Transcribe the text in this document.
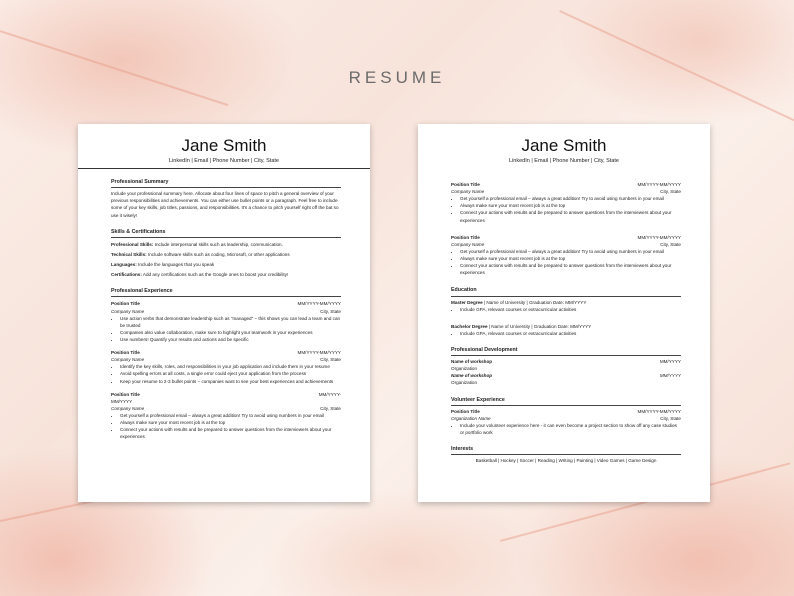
RESUME
Jane Smith
LinkedIn | Email | Phone Number | City, State
Professional Summary

Include your professional summary here. Allocate about four lines of space to pitch a general overview of your previous responsibilities and achievements. You can either use bullet points or a paragraph. Feel free to include some of your key skills, job titles, passions, and responsibilities. It's a chance to pitch yourself right off the bat so use it wisely!

Skills & Certifications
Professional Skills: Include interpersonal skills such as leadership, communication.
Technical Skills: Include software skills such as coding, Microsoft, or other applications
Languages: Include the languages that you speak
Certifications: Add any certifications such as the Google ones to boost your credibility!
Professional Experience
Position Title	MM/YYYY-MM/YYYY
Company Name	City, State
• Use action verbs that demonstrate leadership such as "managed" – this shows you can lead a team and can be trusted
• Companies also value collaboration, make sure to highlight your teamwork in your experiences
• Use numbers! Quantify your results and actions and be specific
Position Title	MM/YYYY-MM/YYYY
Company Name	City, State
• Identify the key skills, roles, and responsibilities in your job application and include them in your resume
• Avoid spelling errors at all costs, a single error could eject your application from the process
• Keep your resume to 2-3 bullet points – companies want to see your best experiences and achievements
Position Title	MM/YYYY-
MM/YYYY
Company Name	City, State
• Get yourself a professional email – always a great addition! Try to avoid using numbers in your email
• Always make sure your most recent job is at the top
• Connect your actions with results and be prepared to answer questions from the interviewers about your experiences
Jane Smith
LinkedIn | Email | Phone Number | City, State
Position Title	MM/YYYY-MM/YYYY
Company Name	City, State
• Get yourself a professional email – always a great addition! Try to avoid using numbers in your email
• Always make sure your most recent job is at the top
• Connect your actions with results and be prepared to answer questions from the interviewers about your experiences
Position Title	MM/YYYY-MM/YYYY
Company Name	City, State
• Get yourself a professional email – always a great addition! Try to avoid using numbers in your email
• Always make sure your most recent job is at the top
• Connect your actions with results and be prepared to answer questions from the interviewers about your experiences
Education
Master Degree | Name of University | Graduation Date: MM/YYYY
• Include GPA, relevant courses or extracurricular activities
Bachelor Degree | Name of University | Graduation Date: MM/YYYY
• Include GPA, relevant courses or extracurricular activities
Professional Development
Name of workshop	MM/YYYY
Organization
Name of workshop	MM/YYYY
Organization
Volunteer Experience
Position Title	MM/YYYY-MM/YYYY
Organization Name	City, State
• Include your volunteer experience here - it can even become a project section to show off any case studies or portfolio work
Interests
Basketball | Hockey | Soccer | Reading | Writing | Painting | Video Games | Game Design
